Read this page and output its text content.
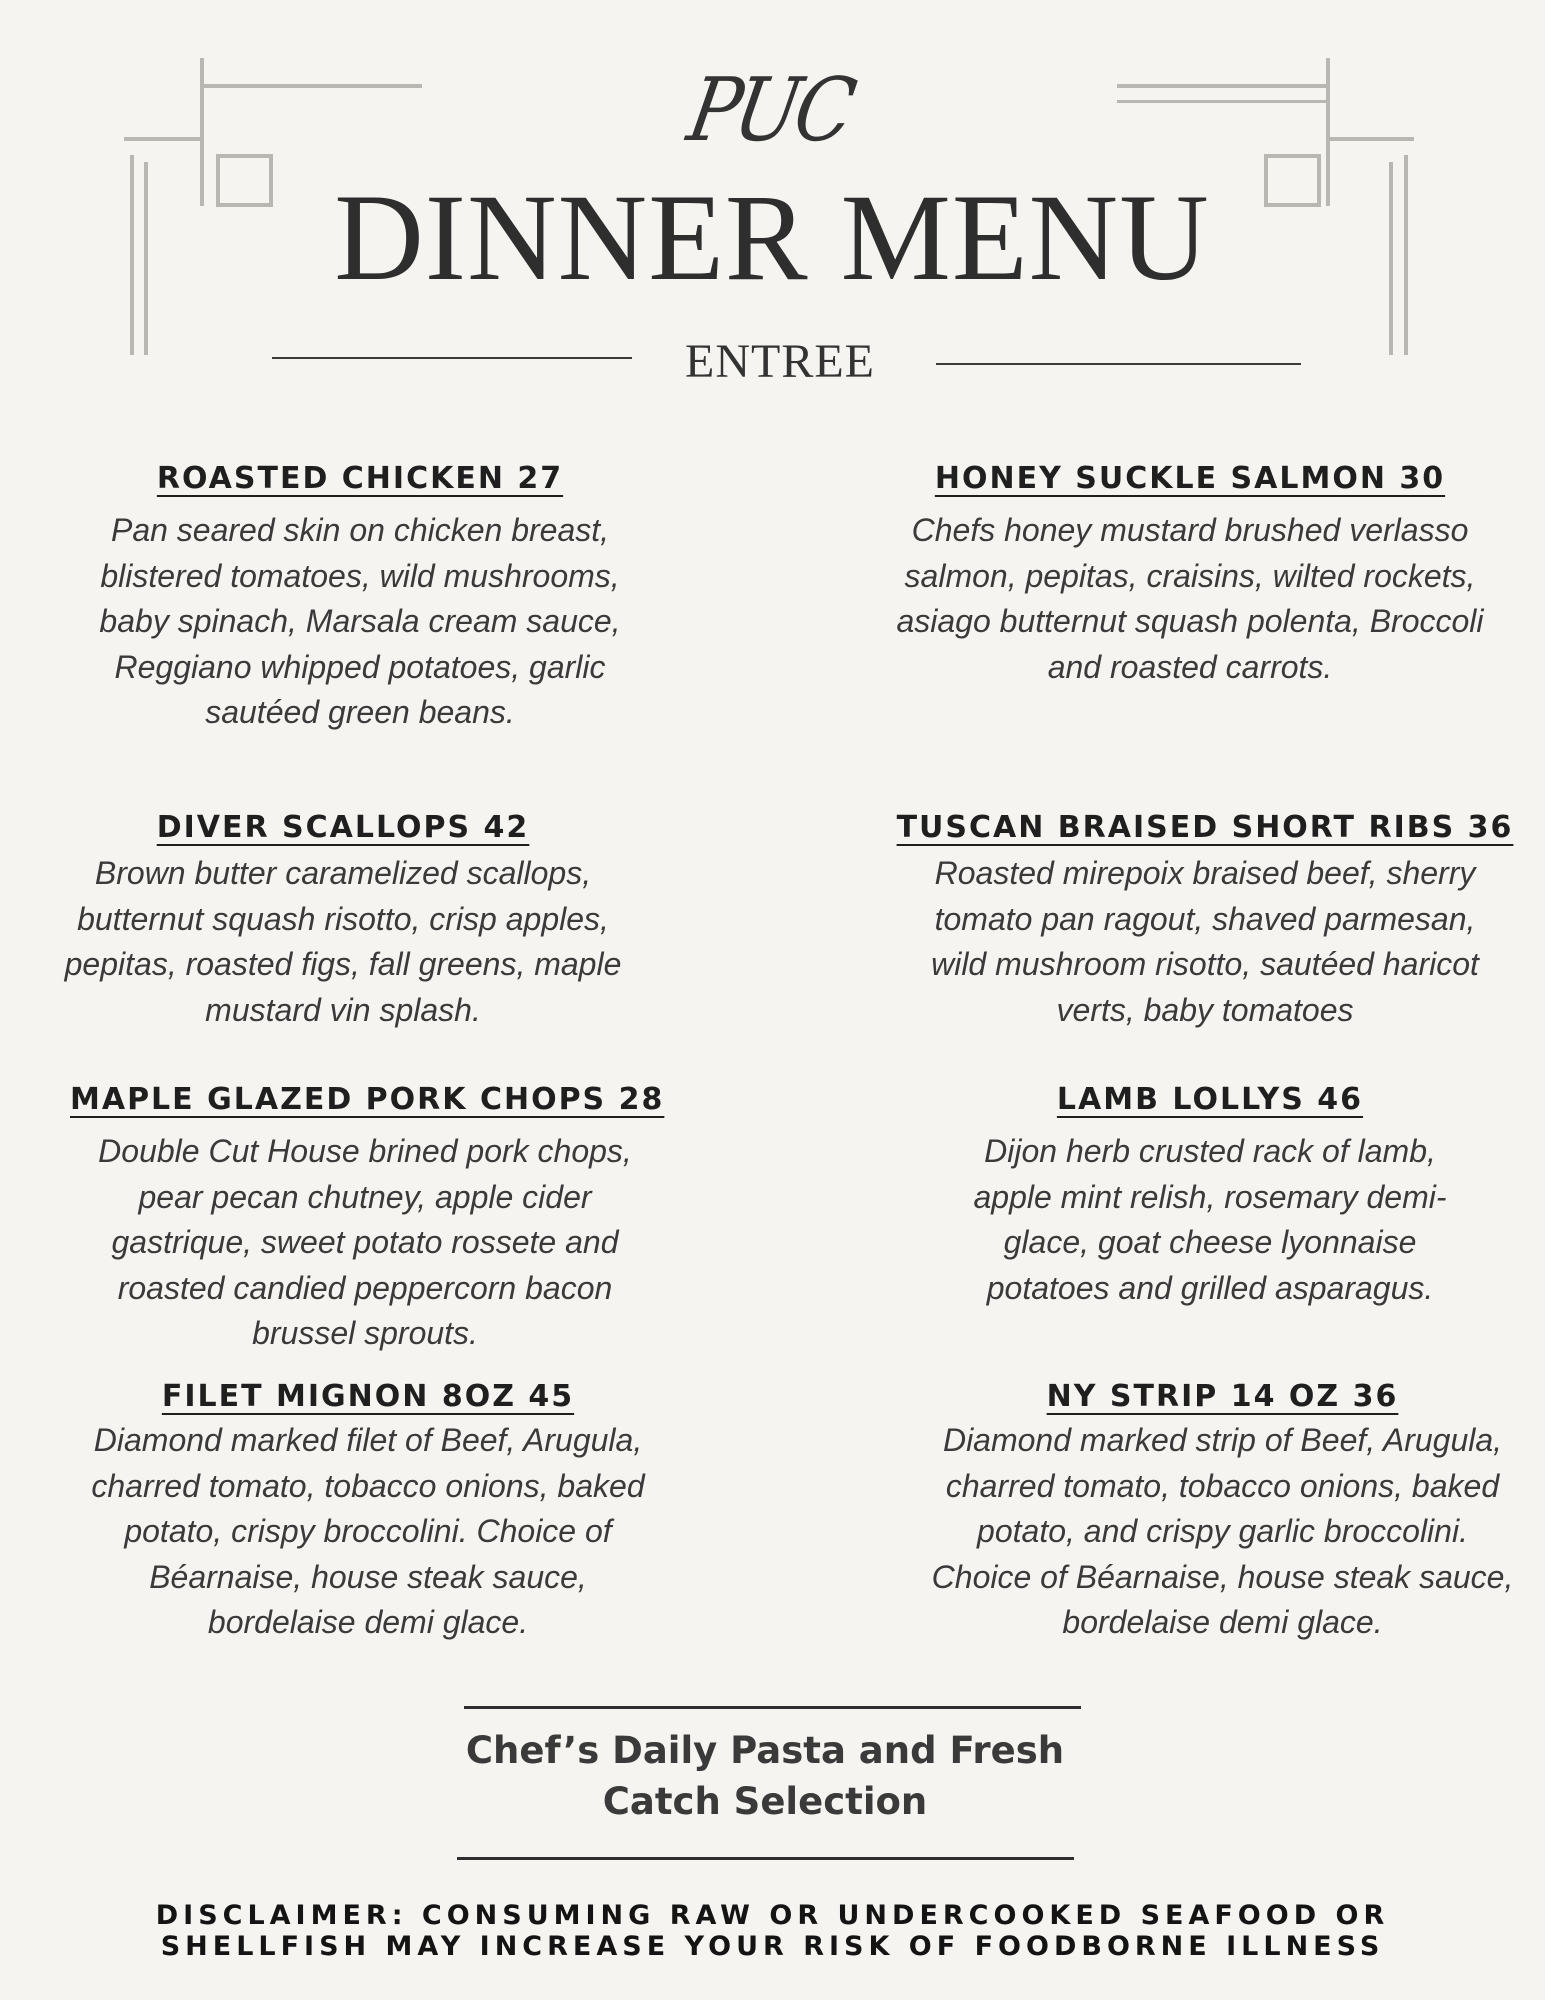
PUC
DINNER MENU
ENTREE
ROASTED CHICKEN 27
Pan seared skin on chicken breast, blistered tomatoes, wild mushrooms, baby spinach, Marsala cream sauce, Reggiano whipped potatoes, garlic sautéed green beans.
DIVER SCALLOPS 42
Brown butter caramelized scallops, butternut squash risotto, crisp apples, pepitas, roasted figs, fall greens, maple mustard vin splash.
MAPLE GLAZED PORK CHOPS 28
Double Cut House brined pork chops, pear pecan chutney, apple cider gastrique, sweet potato rossete and roasted candied peppercorn bacon brussel sprouts.
FILET MIGNON 8OZ 45
Diamond marked filet of Beef, Arugula, charred tomato, tobacco onions, baked potato, crispy broccolini. Choice of Béarnaise, house steak sauce, bordelaise demi glace.
HONEY SUCKLE SALMON 30
Chefs honey mustard brushed verlasso salmon, pepitas, craisins, wilted rockets, asiago butternut squash polenta, Broccoli and roasted carrots.
TUSCAN BRAISED SHORT RIBS 36
Roasted mirepoix braised beef, sherry tomato pan ragout, shaved parmesan, wild mushroom risotto, sautéed haricot verts, baby tomatoes
LAMB LOLLYS 46
Dijon herb crusted rack of lamb, apple mint relish, rosemary demi-glace, goat cheese lyonnaise potatoes and grilled asparagus.
NY STRIP 14 OZ 36
Diamond marked strip of Beef, Arugula, charred tomato, tobacco onions, baked potato, and crispy garlic broccolini. Choice of Béarnaise, house steak sauce, bordelaise demi glace.
Chef’s Daily Pasta and Fresh Catch Selection
DISCLAIMER: CONSUMING RAW OR UNDERCOOKED SEAFOOD OR SHELLFISH MAY INCREASE YOUR RISK OF FOODBORNE ILLNESS
